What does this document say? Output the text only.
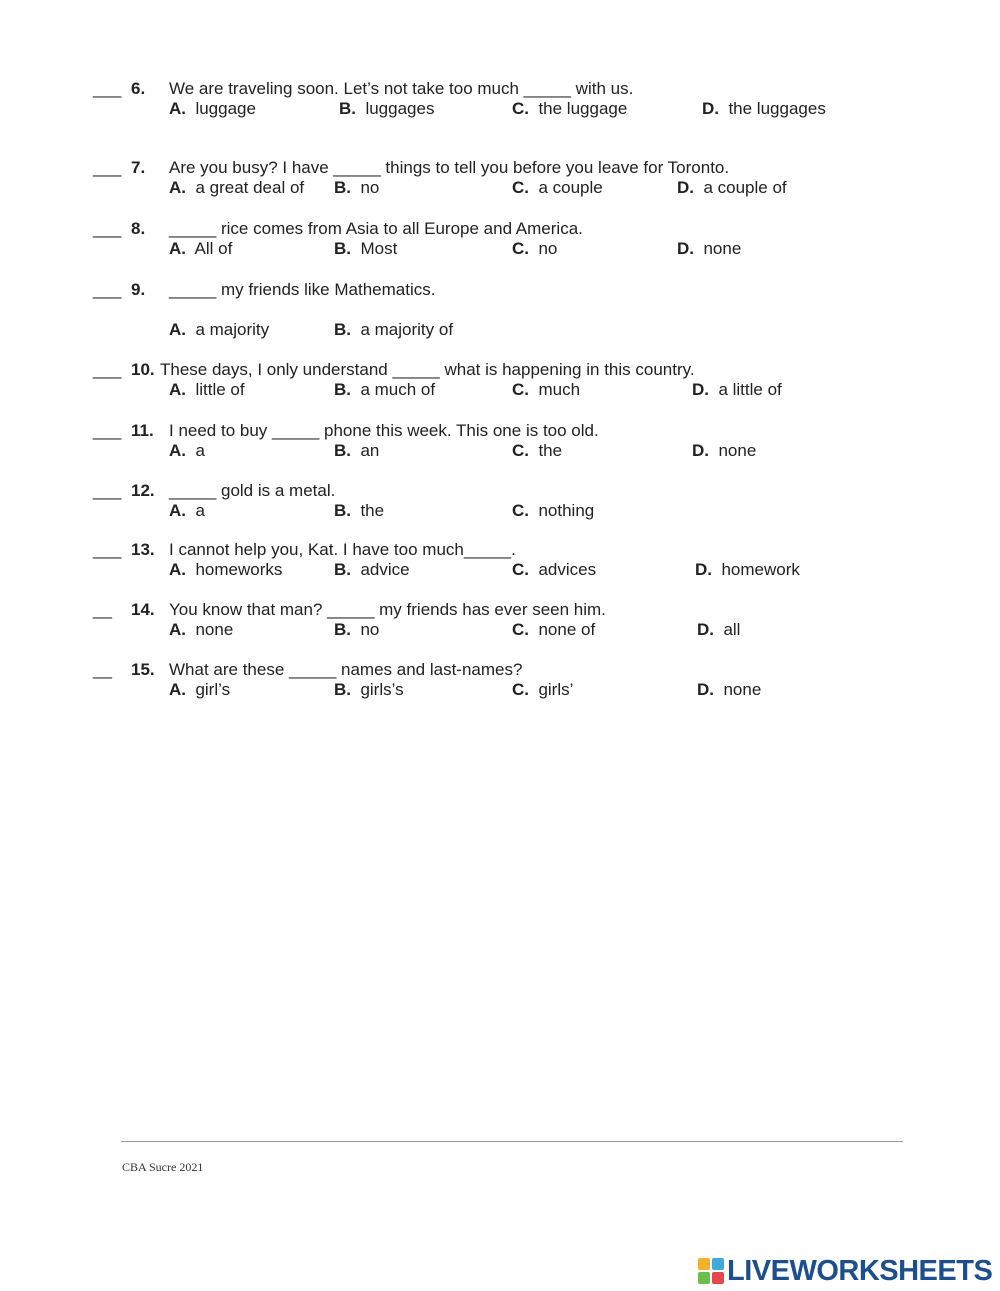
___ 6. We are traveling soon. Let’s not take too much _____ with us.
A. luggage	B. luggages	C. the luggage	D. the luggages
___ 7. Are you busy? I have _____ things to tell you before you leave for Toronto.
A. a great deal of B. no	C. a couple	D. a couple of
___ 8. _____ rice comes from Asia to all Europe and America.
A. All of	B. Most	C. no	D. none
___ 9. _____ my friends like Mathematics.
A. a majority	B. a majority of
___ 10. These days, I only understand _____ what is happening in this country.
A. little of	B. a much of	C. much	D. a little of
___ 11. I need to buy _____ phone this week. This one is too old.
A. a	B. an	C. the	D. none
___ 12. _____ gold is a metal.
A. a	B. the	C. nothing
___ 13. I cannot help you, Kat. I have too much_____.
A. homeworks	B. advice	C. advices	D. homework
__ 14. You know that man? _____ my friends has ever seen him.
A. none	B. no	C. none of	D. all
__ 15. What are these _____ names and last-names?
A. girl’s	B. girls’s	C. girls’	D. none
CBA Sucre 2021
LIVEWORKSHEETS
